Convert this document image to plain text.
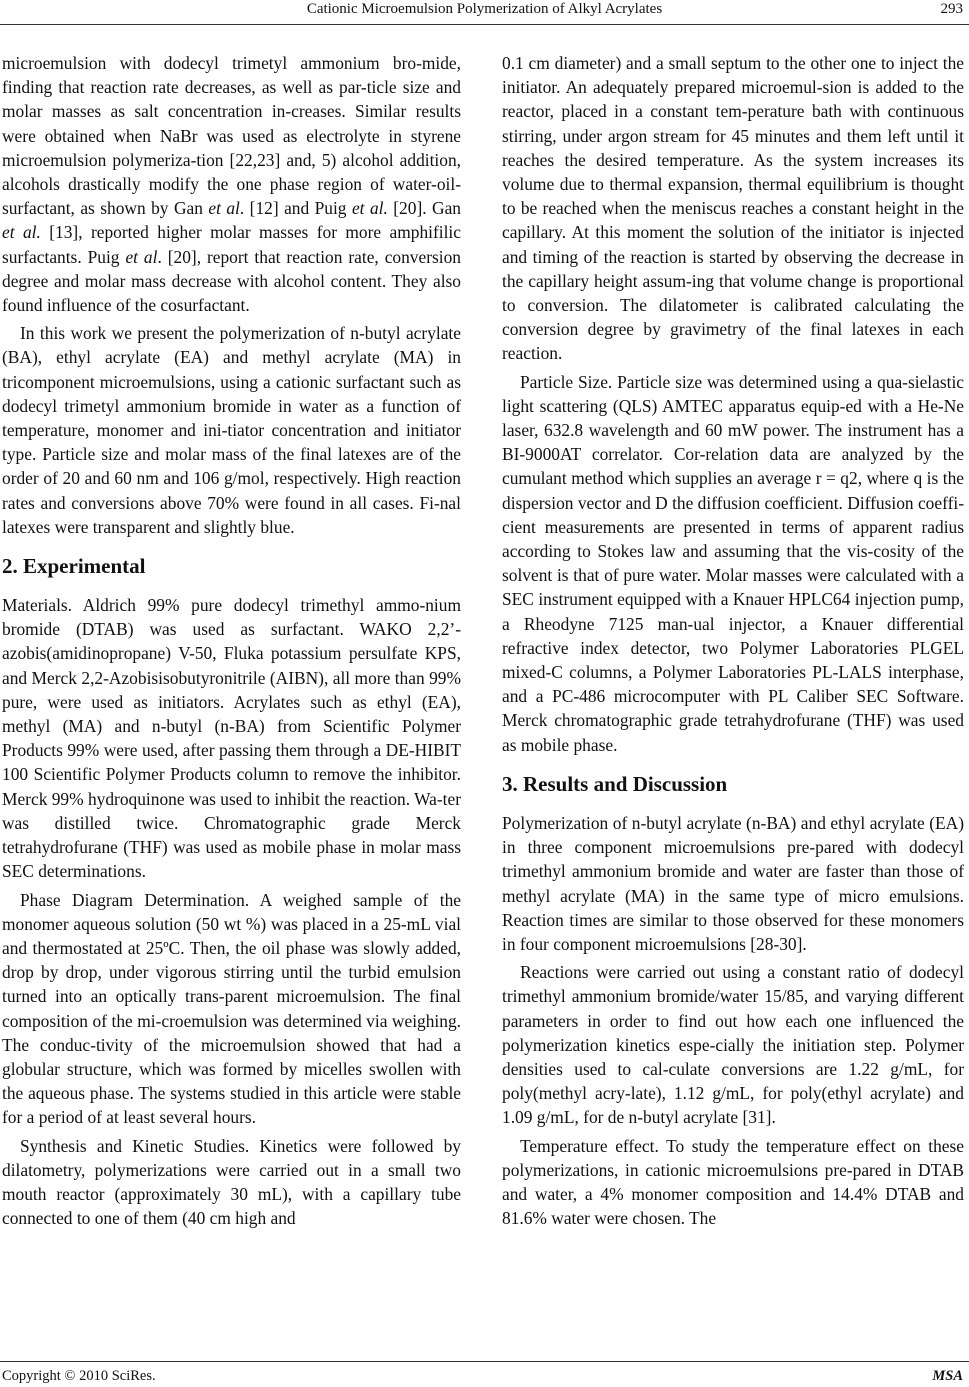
Cationic Microemulsion Polymerization of Alkyl Acrylates	293

microemulsion with dodecyl trimetyl ammonium bro-mide, finding that reaction rate decreases, as well as par-ticle size and molar masses as salt concentration in-creases. Similar results were obtained when NaBr was used as electrolyte in styrene microemulsion polymeriza-tion [22,23] and, 5) alcohol addition, alcohols drastically modify the one phase region of water-oil-surfactant, as shown by Gan et al. [12] and Puig et al. [20]. Gan et al. [13], reported higher molar masses for more amphifilic surfactants. Puig et al. [20], report that reaction rate, conversion degree and molar mass decrease with alcohol content. They also found influence of the cosurfactant.

In this work we present the polymerization of n-butyl acrylate (BA), ethyl acrylate (EA) and methyl acrylate (MA) in tricomponent microemulsions, using a cationic surfactant such as dodecyl trimetyl ammonium bromide in water as a function of temperature, monomer and ini-tiator concentration and initiator type. Particle size and molar mass of the final latexes are of the order of 20 and 60 nm and 106 g/mol, respectively. High reaction rates and conversions above 70% were found in all cases. Fi-nal latexes were transparent and slightly blue.

2. Experimental

Materials. Aldrich 99% pure dodecyl trimethyl ammo-nium bromide (DTAB) was used as surfactant. WAKO 2,2’-azobis(amidinopropane) V-50, Fluka potassium persulfate KPS, and Merck 2,2-Azobisisobutyronitrile (AIBN), all more than 99% pure, were used as initiators. Acrylates such as ethyl (EA), methyl (MA) and n-butyl (n-BA) from Scientific Polymer Products 99% were used, after passing them through a DE-HIBIT 100 Scientific Polymer Products column to remove the inhibitor. Merck 99% hydroquinone was used to inhibit the reaction. Wa-ter was distilled twice. Chromatographic grade Merck tetrahydrofurane (THF) was used as mobile phase in molar mass SEC determinations.

Phase Diagram Determination. A weighed sample of the monomer aqueous solution (50 wt %) was placed in a 25-mL vial and thermostated at 25ºC. Then, the oil phase was slowly added, drop by drop, under vigorous stirring until the turbid emulsion turned into an optically trans-parent microemulsion. The final composition of the mi-croemulsion was determined via weighing. The conduc-tivity of the microemulsion showed that had a globular structure, which was formed by micelles swollen with the aqueous phase. The systems studied in this article were stable for a period of at least several hours.

Synthesis and Kinetic Studies. Kinetics were followed by dilatometry, polymerizations were carried out in a small two mouth reactor (approximately 30 mL), with a capillary tube connected to one of them (40 cm high and

0.1 cm diameter) and a small septum to the other one to inject the initiator. An adequately prepared microemul-sion is added to the reactor, placed in a constant tem-perature bath with continuous stirring, under argon stream for 45 minutes and them left until it reaches the desired temperature. As the system increases its volume due to thermal expansion, thermal equilibrium is thought to be reached when the meniscus reaches a constant height in the capillary. At this moment the solution of the initiator is injected and timing of the reaction is started by observing the decrease in the capillary height assum-ing that volume change is proportional to conversion. The dilatometer is calibrated calculating the conversion degree by gravimetry of the final latexes in each reaction.

Particle Size. Particle size was determined using a qua-sielastic light scattering (QLS) AMTEC apparatus equip-ed with a He-Ne laser, 632.8 wavelength and 60 mW power. The instrument has a BI-9000AT correlator. Cor-relation data are analyzed by the cumulant method which supplies an average r = q2, where q is the dispersion vector and D the diffusion coefficient. Diffusion coeffi-cient measurements are presented in terms of apparent radius according to Stokes law and assuming that the vis-cosity of the solvent is that of pure water. Molar masses were calculated with a SEC instrument equipped with a Knauer HPLC64 injection pump, a Rheodyne 7125 man-ual injector, a Knauer differential refractive index detector, two Polymer Laboratories PLGEL mixed-C columns, a Polymer Laboratories PL-LALS interphase, and a PC-486 microcomputer with PL Caliber SEC Software. Merck chromatographic grade tetrahydrofurane (THF) was used as mobile phase.

3. Results and Discussion

Polymerization of n-butyl acrylate (n-BA) and ethyl acrylate (EA) in three component microemulsions pre-pared with dodecyl trimethyl ammonium bromide and water are faster than those of methyl acrylate (MA) in the same type of micro emulsions. Reaction times are similar to those observed for these monomers in four component microemulsions [28-30].

Reactions were carried out using a constant ratio of dodecyl trimethyl ammonium bromide/water 15/85, and varying different parameters in order to find out how each one influenced the polymerization kinetics espe-cially the initiation step. Polymer densities used to cal-culate conversions are 1.22 g/mL, for poly(methyl acry-late), 1.12 g/mL, for poly(ethyl acrylate) and 1.09 g/mL, for de n-butyl acrylate [31].

Temperature effect. To study the temperature effect on these polymerizations, in cationic microemulsions pre-pared in DTAB and water, a 4% monomer composition and 14.4% DTAB and 81.6% water were chosen. The

Copyright © 2010 SciRes.	MSA
